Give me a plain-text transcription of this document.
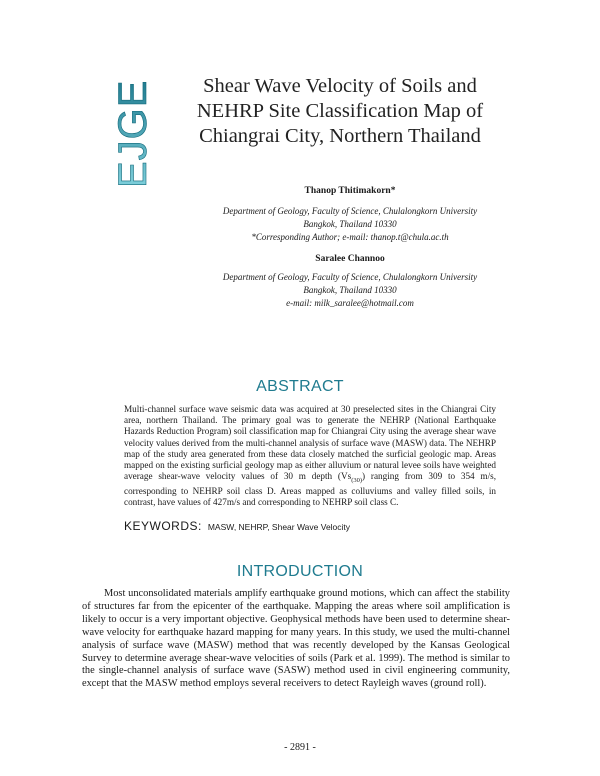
EJGE	Shear Wave Velocity of Soils and
NEHRP Site Classification Map of
Chiangrai City, Northern Thailand
Thanop Thitimakorn*
Department of Geology, Faculty of Science, Chulalongkorn University
Bangkok, Thailand 10330
*Corresponding Author; e-mail: thanop.t@chula.ac.th
Saralee Channoo
Department of Geology, Faculty of Science, Chulalongkorn University
Bangkok, Thailand 10330
e-mail: milk_saralee@hotmail.com
ABSTRACT
Multi-channel surface wave seismic data was acquired at 30 preselected sites in the Chiangrai City area, northern Thailand. The primary goal was to generate the NEHRP (National Earthquake Hazards Reduction Program) soil classification map for Chiangrai City using the average shear wave velocity values derived from the multi-channel analysis of surface wave (MASW) data. The NEHRP map of the study area generated from these data closely matched the surficial geologic map. Areas mapped on the existing surficial geology map as either alluvium or natural levee soils have weighted average shear-wave velocity values of 30 m depth $(Vs_{(30)})$ ranging from 309 to 354 m/s, corresponding to NEHRP soil class D. Areas mapped as colluviums and valley filled soils, in contrast, have values of 427m/s and corresponding to NEHRP soil class C.
KEYWORDS: MASW, NEHRP, Shear Wave Velocity
INTRODUCTION
Most unconsolidated materials amplify earthquake ground motions, which can affect the stability of structures far from the epicenter of the earthquake. Mapping the areas where soil amplification is likely to occur is a very important objective. Geophysical methods have been used to determine shear-wave velocity for earthquake hazard mapping for many years. In this study, we used the multi-channel analysis of surface wave (MASW) method that was recently developed by the Kansas Geological Survey to determine average shear-wave velocities of soils (Park et al. 1999). The method is similar to the single-channel analysis of surface wave (SASW) method used in civil engineering community, except that the MASW method employs several receivers to detect Rayleigh waves (ground roll).
- 2891 -
